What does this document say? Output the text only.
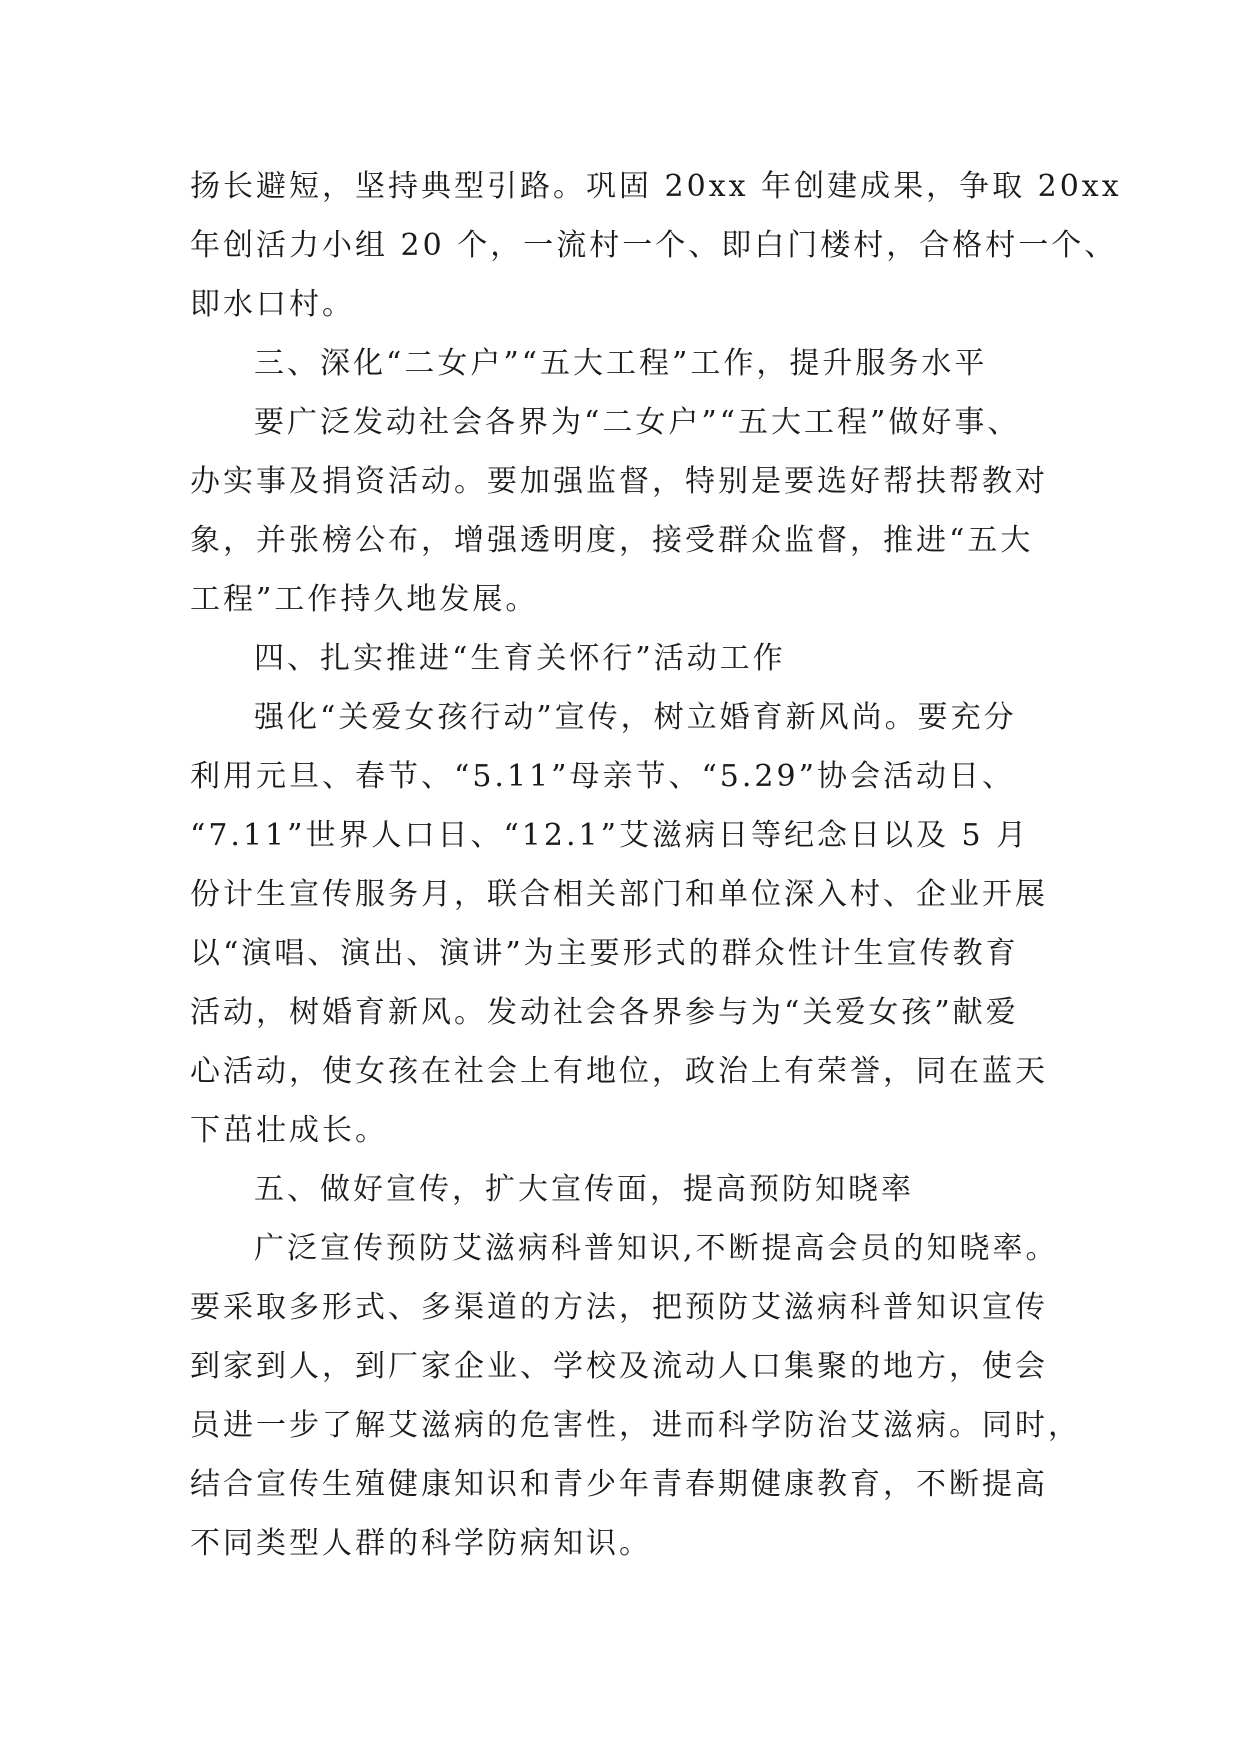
扬长避短，坚持典型引路。巩固 20xx 年创建成果，争取 20xx
年创活力小组 20 个，一流村一个、即白门楼村，合格村一个、
即水口村。
三、深化“二女户”“五大工程”工作，提升服务水平
要广泛发动社会各界为“二女户”“五大工程”做好事、
办实事及捐资活动。要加强监督，特别是要选好帮扶帮教对
象，并张榜公布，增强透明度，接受群众监督，推进“五大
工程”工作持久地发展。
四、扎实推进“生育关怀行”活动工作
强化“关爱女孩行动”宣传，树立婚育新风尚。要充分
利用元旦、春节、“5.11”母亲节、“5.29”协会活动日、
“7.11”世界人口日、“12.1”艾滋病日等纪念日以及 5 月
份计生宣传服务月，联合相关部门和单位深入村、企业开展
以“演唱、演出、演讲”为主要形式的群众性计生宣传教育
活动，树婚育新风。发动社会各界参与为“关爱女孩”献爱
心活动，使女孩在社会上有地位，政治上有荣誉，同在蓝天
下茁壮成长。
五、做好宣传，扩大宣传面，提高预防知晓率
广泛宣传预防艾滋病科普知识,不断提高会员的知晓率。
要采取多形式、多渠道的方法，把预防艾滋病科普知识宣传
到家到人，到厂家企业、学校及流动人口集聚的地方，使会
员进一步了解艾滋病的危害性，进而科学防治艾滋病。同时，
结合宣传生殖健康知识和青少年青春期健康教育，不断提高
不同类型人群的科学防病知识。
